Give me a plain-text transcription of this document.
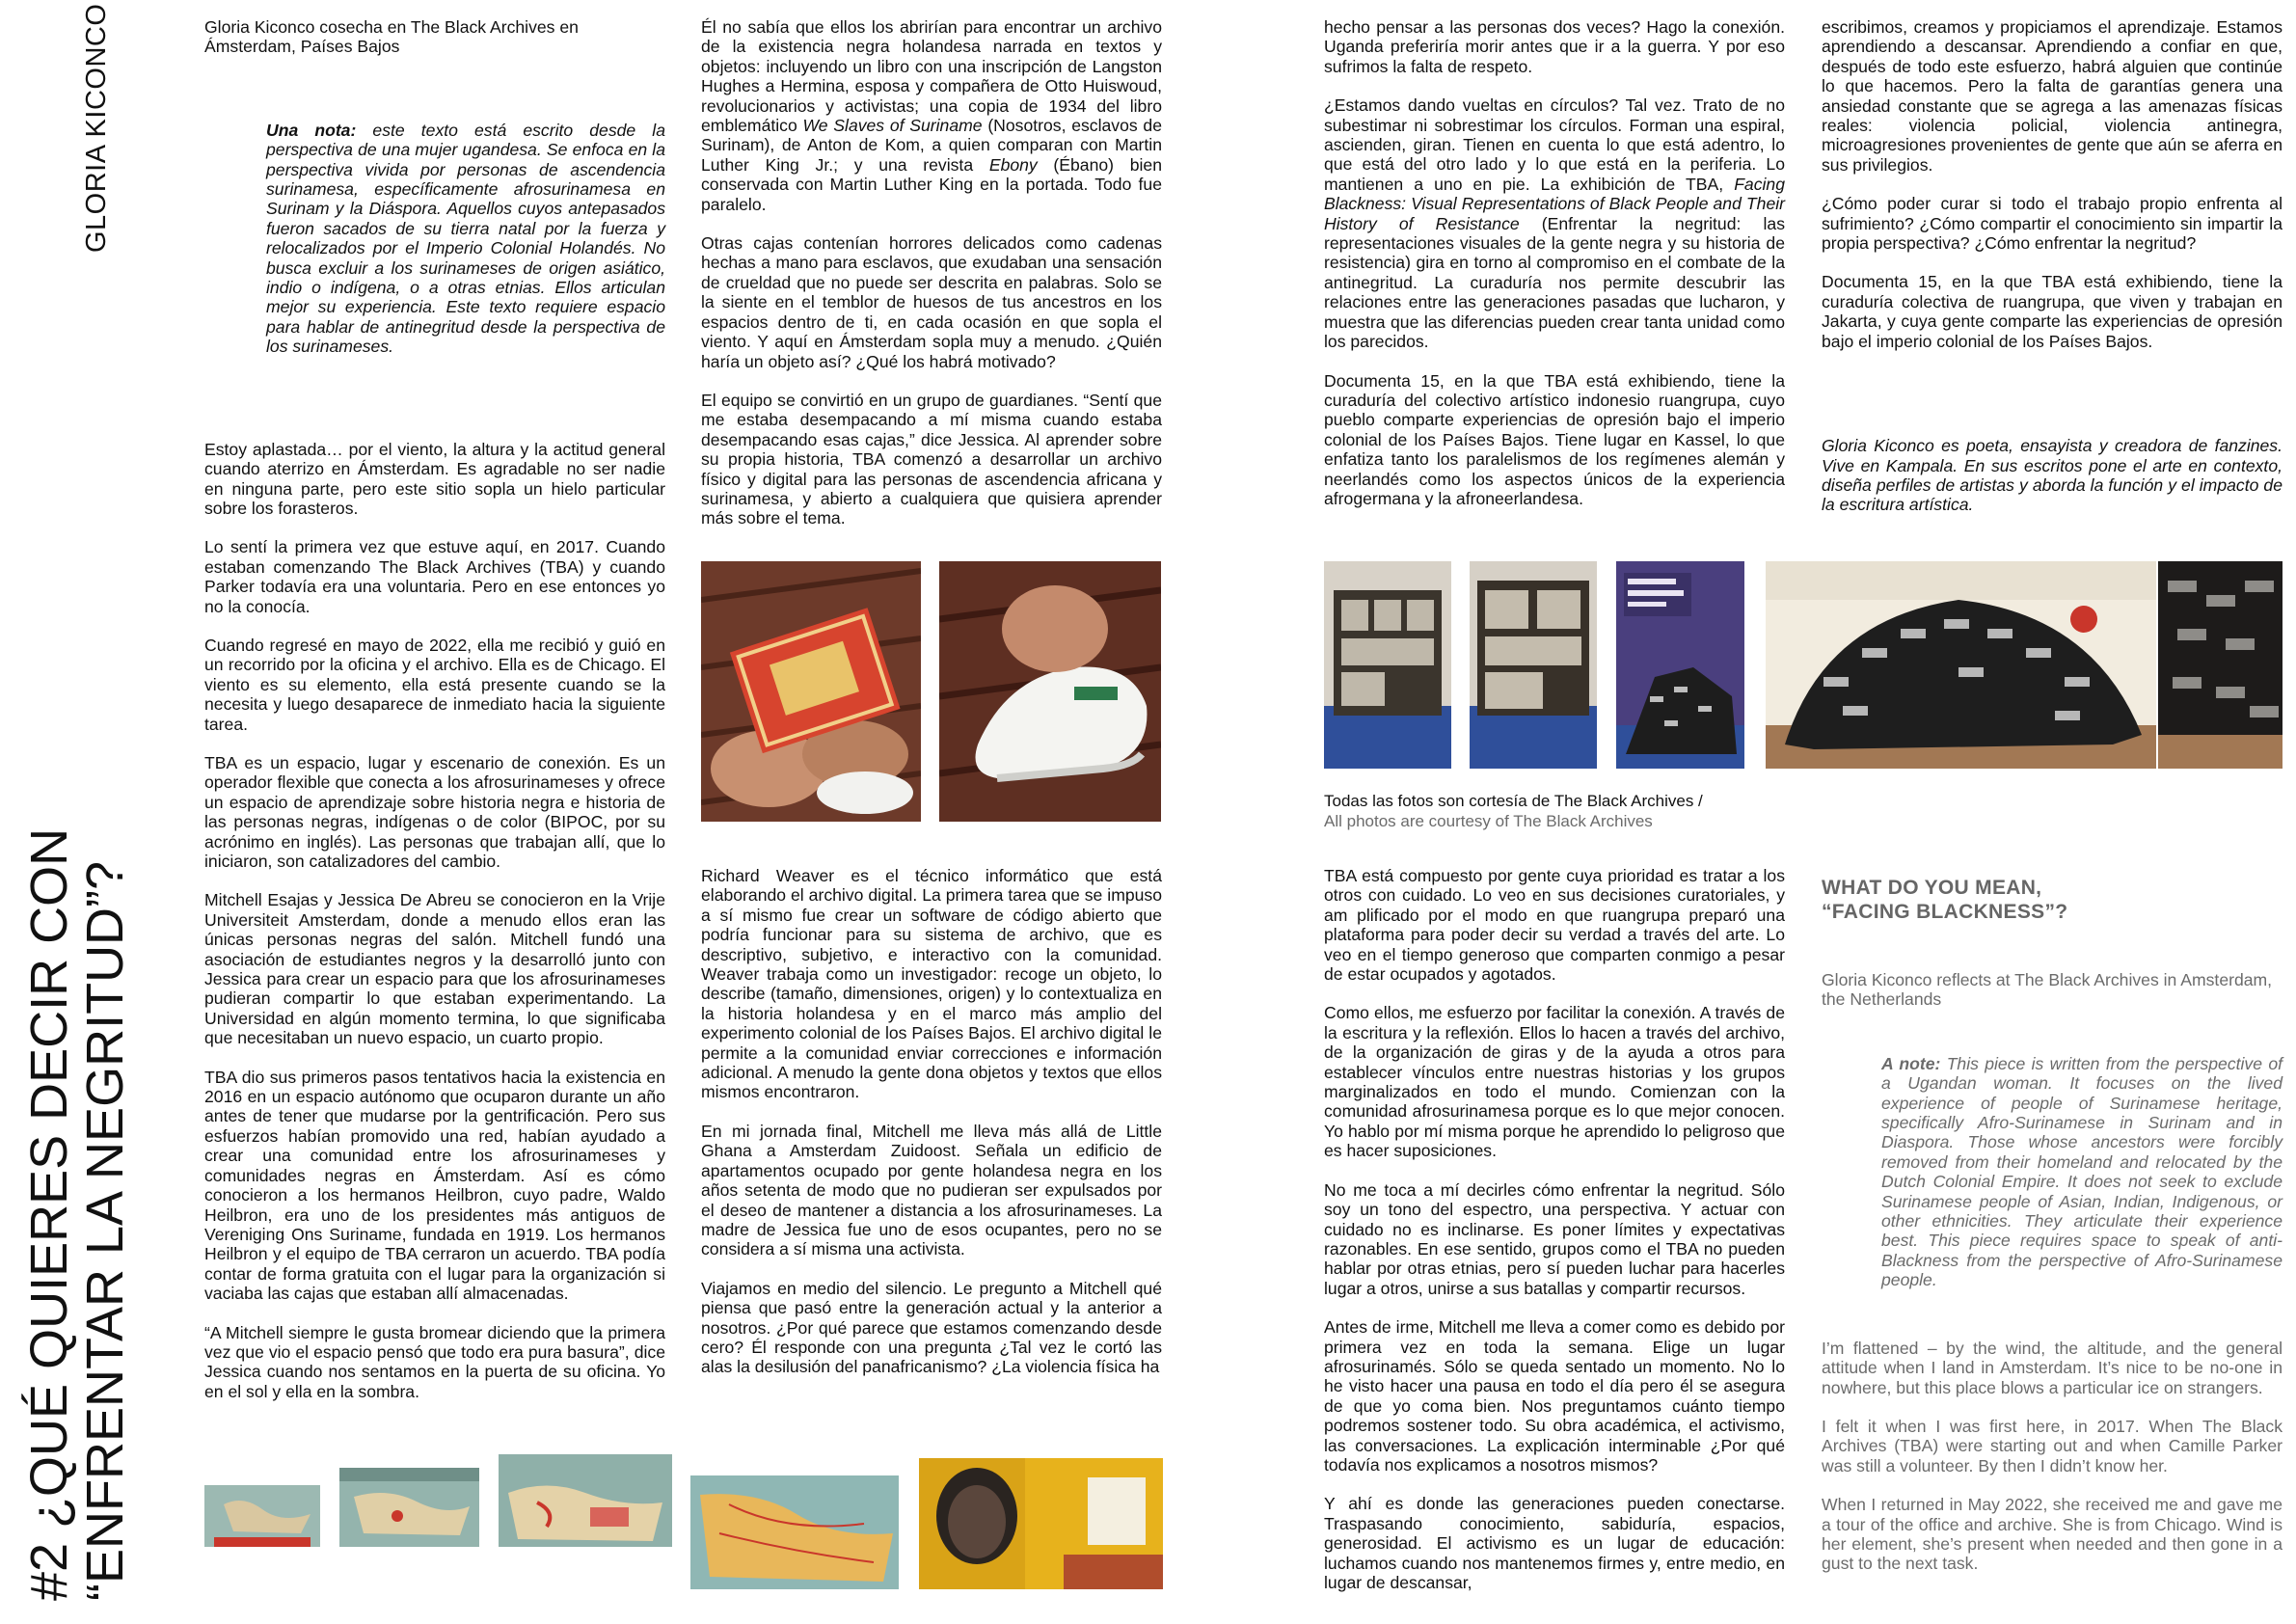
GLORIA KICONCO
#2 ¿QUÉ QUIERES DECIR CON
“ENFRENTAR LA NEGRITUD”?

Gloria Kiconco cosecha en The Black Archives en Ámsterdam, Países Bajos

Una nota: este texto está escrito desde la perspectiva de una mujer ugandesa. Se enfoca en la perspectiva vivida por personas de ascendencia surinamesa, específicamente afrosurinamesa en Surinam y la Diáspora. Aquellos cuyos antepasados fueron sacados de su tierra natal por la fuerza y relocalizados por el Imperio Colonial Holandés. No busca excluir a los surinameses de origen asiático, indio o indígena, o a otras etnias. Ellos articulan mejor su experiencia. Este texto requiere espacio para hablar de antinegritud desde la perspectiva de los surinameses.

Estoy aplastada… por el viento, la altura y la actitud general cuando aterrizo en Ámsterdam. Es agradable no ser nadie en ninguna parte, pero este sitio sopla un hielo particular sobre los forasteros.

Lo sentí la primera vez que estuve aquí, en 2017. Cuando estaban comenzando The Black Archives (TBA) y cuando Parker todavía era una voluntaria. Pero en ese entonces yo no la conocía.

Cuando regresé en mayo de 2022, ella me recibió y guió en un recorrido por la oficina y el archivo. Ella es de Chicago. El viento es su elemento, ella está presente cuando se la necesita y luego desaparece de inmediato hacia la siguiente tarea.

TBA es un espacio, lugar y escenario de conexión. Es un operador flexible que conecta a los afrosurinameses y ofrece un espacio de aprendizaje sobre historia negra e historia de las personas negras, indígenas o de color (BIPOC, por su acrónimo en inglés). Las personas que trabajan allí, que lo iniciaron, son catalizadores del cambio.

Mitchell Esajas y Jessica De Abreu se conocieron en la Vrije Universiteit Amsterdam, donde a menudo ellos eran las únicas personas negras del salón. Mitchell fundó una asociación de estudiantes negros y la desarrolló junto con Jessica para crear un espacio para que los afrosurinameses pudieran compartir lo que estaban experimentando. La Universidad en algún momento termina, lo que significaba que necesitaban un nuevo espacio, un cuarto propio.

TBA dio sus primeros pasos tentativos hacia la existencia en 2016 en un espacio autónomo que ocuparon durante un año antes de tener que mudarse por la gentrificación. Pero sus esfuerzos habían promovido una red, habían ayudado a crear una comunidad entre los afrosurinameses y comunidades negras en Ámsterdam. Así es cómo conocieron a los hermanos Heilbron, cuyo padre, Waldo Heilbron, era uno de los presidentes más antiguos de Vereniging Ons Suriname, fundada en 1919. Los hermanos Heilbron y el equipo de TBA cerraron un acuerdo. TBA podía contar de forma gratuita con el lugar para la organización si vaciaba las cajas que estaban allí almacenadas.

“A Mitchell siempre le gusta bromear diciendo que la primera vez que vio el espacio pensó que todo era pura basura”, dice Jessica cuando nos sentamos en la puerta de su oficina. Yo en el sol y ella en la sombra.

Él no sabía que ellos los abrirían para encontrar un archivo de la existencia negra holandesa narrada en textos y objetos: incluyendo un libro con una inscripción de Langston Hughes a Hermina, esposa y compañera de Otto Huiswoud, revolucionarios y activistas; una copia de 1934 del libro emblemático We Slaves of Suriname (Nosotros, esclavos de Surinam), de Anton de Kom, a quien comparan con Martin Luther King Jr.; y una revista Ebony (Ébano) bien conservada con Martin Luther King en la portada. Todo fue paralelo.

Otras cajas contenían horrores delicados como cadenas hechas a mano para esclavos, que exudaban una sensación de crueldad que no puede ser descrita en palabras. Solo se la siente en el temblor de huesos de tus ancestros en los espacios dentro de ti, en cada ocasión en que sopla el viento. Y aquí en Ámsterdam sopla muy a menudo. ¿Quién haría un objeto así? ¿Qué los habrá motivado?

El equipo se convirtió en un grupo de guardianes. “Sentí que me estaba desempacando a mí misma cuando estaba desempacando esas cajas,” dice Jessica. Al aprender sobre su propia historia, TBA comenzó a desarrollar un archivo físico y digital para las personas de ascendencia africana y surinamesa, y abierto a cualquiera que quisiera aprender más sobre el tema.

Richard Weaver es el técnico informático que está elaborando el archivo digital. La primera tarea que se impuso a sí mismo fue crear un software de código abierto que podría funcionar para su sistema de archivo, que es descriptivo, subjetivo, e interactivo con la comunidad. Weaver trabaja como un investigador: recoge un objeto, lo describe (tamaño, dimensiones, origen) y lo contextualiza en la historia holandesa y en el marco más amplio del experimento colonial de los Países Bajos. El archivo digital le permite a la comunidad enviar correcciones e información adicional. A menudo la gente dona objetos y textos que ellos mismos encontraron.

En mi jornada final, Mitchell me lleva más allá de Little Ghana a Amsterdam Zuidoost. Señala un edificio de apartamentos ocupado por gente holandesa negra en los años setenta de modo que no pudieran ser expulsados por el deseo de mantener a distancia a los afrosurinameses. La madre de Jessica fue uno de esos ocupantes, pero no se considera a sí misma una activista.

Viajamos en medio del silencio. Le pregunto a Mitchell qué piensa que pasó entre la generación actual y la anterior a nosotros. ¿Por qué parece que estamos comenzando desde cero? Él responde con una pregunta ¿Tal vez le cortó las alas la desilusión del panafricanismo? ¿La violencia física ha

hecho pensar a las personas dos veces? Hago la conexión. Uganda preferiría morir antes que ir a la guerra. Y por eso sufrimos la falta de respeto.

¿Estamos dando vueltas en círculos? Tal vez. Trato de no subestimar ni sobrestimar los círculos. Forman una espiral, ascienden, giran. Tienen en cuenta lo que está adentro, lo que está del otro lado y lo que está en la periferia. Lo mantienen a uno en pie. La exhibición de TBA, Facing Blackness: Visual Representations of Black People and Their History of Resistance (Enfrentar la negritud: las representaciones visuales de la gente negra y su historia de resistencia) gira en torno al compromiso en el combate de la antinegritud. La curaduría nos permite descubrir las relaciones entre las generaciones pasadas que lucharon, y muestra que las diferencias pueden crear tanta unidad como los parecidos.

Documenta 15, en la que TBA está exhibiendo, tiene la curaduría del colectivo artístico indonesio ruangrupa, cuyo pueblo comparte experiencias de opresión bajo el imperio colonial de los Países Bajos. Tiene lugar en Kassel, lo que enfatiza tanto los paralelismos de los regímenes alemán y neerlandés como los aspectos únicos de la experiencia afrogermana y la afroneerlandesa.

Todas las fotos son cortesía de The Black Archives /
All photos are courtesy of The Black Archives

TBA está compuesto por gente cuya prioridad es tratar a los otros con cuidado. Lo veo en sus decisiones curatoriales, y am plificado por el modo en que ruangrupa preparó una plataforma para poder decir su verdad a través del arte. Lo veo en el tiempo generoso que comparten conmigo a pesar de estar ocupados y agotados.

Como ellos, me esfuerzo por facilitar la conexión. A través de la escritura y la reflexión. Ellos lo hacen a través del archivo, de la organización de giras y de la ayuda a otros para establecer vínculos entre nuestras historias y los grupos marginalizados en todo el mundo. Comienzan con la comunidad afrosurinamesa porque es lo que mejor conocen. Yo hablo por mí misma porque he aprendido lo peligroso que es hacer suposiciones.

No me toca a mí decirles cómo enfrentar la negritud. Sólo soy un tono del espectro, una perspectiva. Y actuar con cuidado no es inclinarse. Es poner límites y expectativas razonables. En ese sentido, grupos como el TBA no pueden hablar por otras etnias, pero sí pueden luchar para hacerles lugar a otros, unirse a sus batallas y compartir recursos.

Antes de irme, Mitchell me lleva a comer como es debido por primera vez en toda la semana. Elige un lugar afrosurinamés. Sólo se queda sentado un momento. No lo he visto hacer una pausa en todo el día pero él se asegura de que yo coma bien. Nos preguntamos cuánto tiempo podremos sostener todo. Su obra académica, el activismo, las conversaciones. La explicación interminable ¿Por qué todavía nos explicamos a nosotros mismos?

Y ahí es donde las generaciones pueden conectarse. Traspasando conocimiento, sabiduría, espacios, generosidad. El activismo es un lugar de educación: luchamos cuando nos mantenemos firmes y, entre medio, en lugar de descansar,

escribimos, creamos y propiciamos el aprendizaje. Estamos aprendiendo a descansar. Aprendiendo a confiar en que, después de todo este esfuerzo, habrá alguien que continúe lo que hacemos. Pero la falta de garantías genera una ansiedad constante que se agrega a las amenazas físicas reales: violencia policial, violencia antinegra, microagresiones provenientes de gente que aún se aferra en sus privilegios.

¿Cómo poder curar si todo el trabajo propio enfrenta al sufrimiento? ¿Cómo compartir el conocimiento sin impartir la propia perspectiva? ¿Cómo enfrentar la negritud?

Documenta 15, en la que TBA está exhibiendo, tiene la curaduría colectiva de ruangrupa, que viven y trabajan en Jakarta, y cuya gente comparte las experiencias de opresión bajo el imperio colonial de los Países Bajos.

Gloria Kiconco es poeta, ensayista y creadora de fanzines. Vive en Kampala. En sus escritos pone el arte en contexto, diseña perfiles de artistas y aborda la función y el impacto de la escritura artística.

WHAT DO YOU MEAN,
“FACING BLACKNESS”?

Gloria Kiconco reflects at The Black Archives in Amsterdam, the Netherlands

A note: This piece is written from the perspective of a Ugandan woman. It focuses on the lived experience of people of Surinamese heritage, specifically Afro-Surinamese in Surinam and in Diaspora. Those whose ancestors were forcibly removed from their homeland and relocated by the Dutch Colonial Empire. It does not seek to exclude Surinamese people of Asian, Indian, Indigenous, or other ethnicities. They articulate their experience best. This piece requires space to speak of anti-Blackness from the perspective of Afro-Surinamese people.

I’m flattened – by the wind, the altitude, and the general attitude when I land in Amsterdam. It’s nice to be no-one in nowhere, but this place blows a particular ice on strangers.

I felt it when I was first here, in 2017. When The Black Archives (TBA) were starting out and when Camille Parker was still a volunteer. By then I didn’t know her.

When I returned in May 2022, she received me and gave me a tour of the office and archive. She is from Chicago. Wind is her element, she’s present when needed and then gone in a gust to the next task.
